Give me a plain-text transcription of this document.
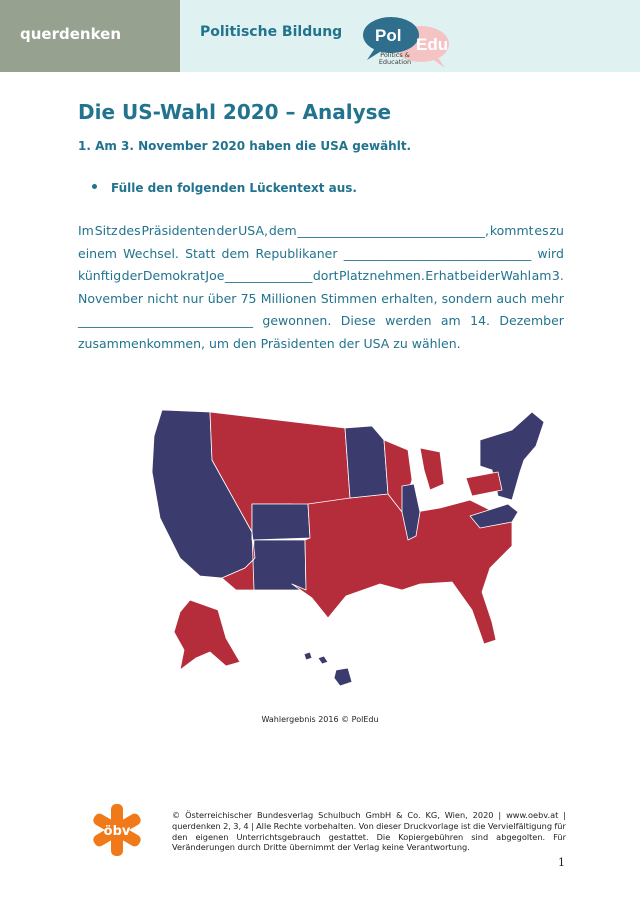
querdenken	Politische Bildung Pol Edu
Politics &
Education
Die US-Wahl 2020 – Analyse
1. Am 3. November 2020 haben die USA gewählt.
Fülle den folgenden Lückentext aus.
Im Sitz des Präsidenten der USA, dem ______________________________, kommt es zu
einem Wechsel. Statt dem Republikaner ______________________________ wird
künftig der Demokrat Joe ______________ dort Platz nehmen. Er hat bei der Wahl am 3.
November nicht nur über 75 Millionen Stimmen erhalten, sondern auch mehr
____________________________ gewonnen. Diese werden am 14. Dezember
zusammenkommen, um den Präsidenten der USA zu wählen.
Wahlergebnis 2016 © PolEdu
öbv
© Österreichischer Bundesverlag Schulbuch GmbH & Co. KG, Wien, 2020 | www.oebv.at |
querdenken 2, 3, 4 | Alle Rechte vorbehalten. Von dieser Druckvorlage ist die Vervielfältigung für
den eigenen Unterrichtsgebrauch gestattet. Die Kopiergebühren sind abgegolten. Für
Veränderungen durch Dritte übernimmt der Verlag keine Verantwortung.
1
